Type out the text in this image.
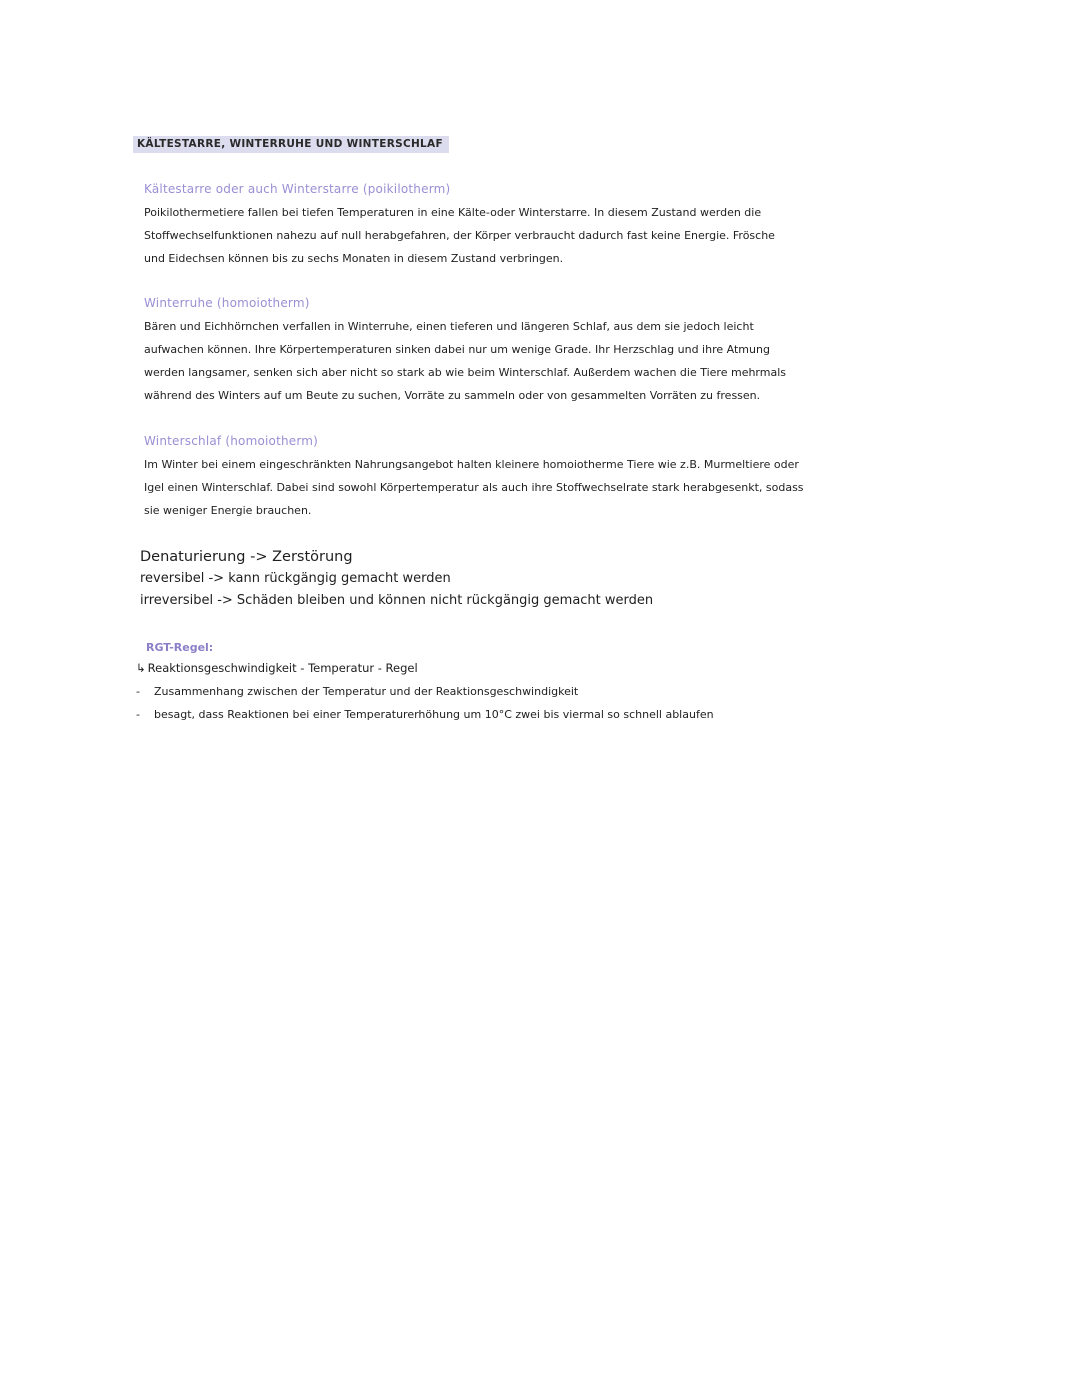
KÄLTESTARRE, WINTERRUHE UND WINTERSCHLAF
Kältestarre oder auch Winterstarre (poikilotherm)
Poikilothermetiere fallen bei tiefen Temperaturen in eine Kälte-oder Winterstarre. In diesem Zustand werden die
Stoffwechselfunktionen nahezu auf null herabgefahren, der Körper verbraucht dadurch fast keine Energie. Frösche
und Eidechsen können bis zu sechs Monaten in diesem Zustand verbringen.
Winterruhe (homoiotherm)
Bären und Eichhörnchen verfallen in Winterruhe, einen tieferen und längeren Schlaf, aus dem sie jedoch leicht
aufwachen können. Ihre Körpertemperaturen sinken dabei nur um wenige Grade. Ihr Herzschlag und ihre Atmung
werden langsamer, senken sich aber nicht so stark ab wie beim Winterschlaf. Außerdem wachen die Tiere mehrmals
während des Winters auf um Beute zu suchen, Vorräte zu sammeln oder von gesammelten Vorräten zu fressen.
Winterschlaf (homoiotherm)
Im Winter bei einem eingeschränkten Nahrungsangebot halten kleinere homoiotherme Tiere wie z.B. Murmeltiere oder
Igel einen Winterschlaf. Dabei sind sowohl Körpertemperatur als auch ihre Stoffwechselrate stark herabgesenkt, sodass
sie weniger Energie brauchen.
Denaturierung -> Zerstörung
reversibel -> kann rückgängig gemacht werden
irreversibel -> Schäden bleiben und können nicht rückgängig gemacht werden
RGT-Regel:
↳ Reaktionsgeschwindigkeit - Temperatur - Regel
- Zusammenhang zwischen der Temperatur und der Reaktionsgeschwindigkeit
- besagt, dass Reaktionen bei einer Temperaturerhöhung um 10°C zwei bis viermal so schnell ablaufen
